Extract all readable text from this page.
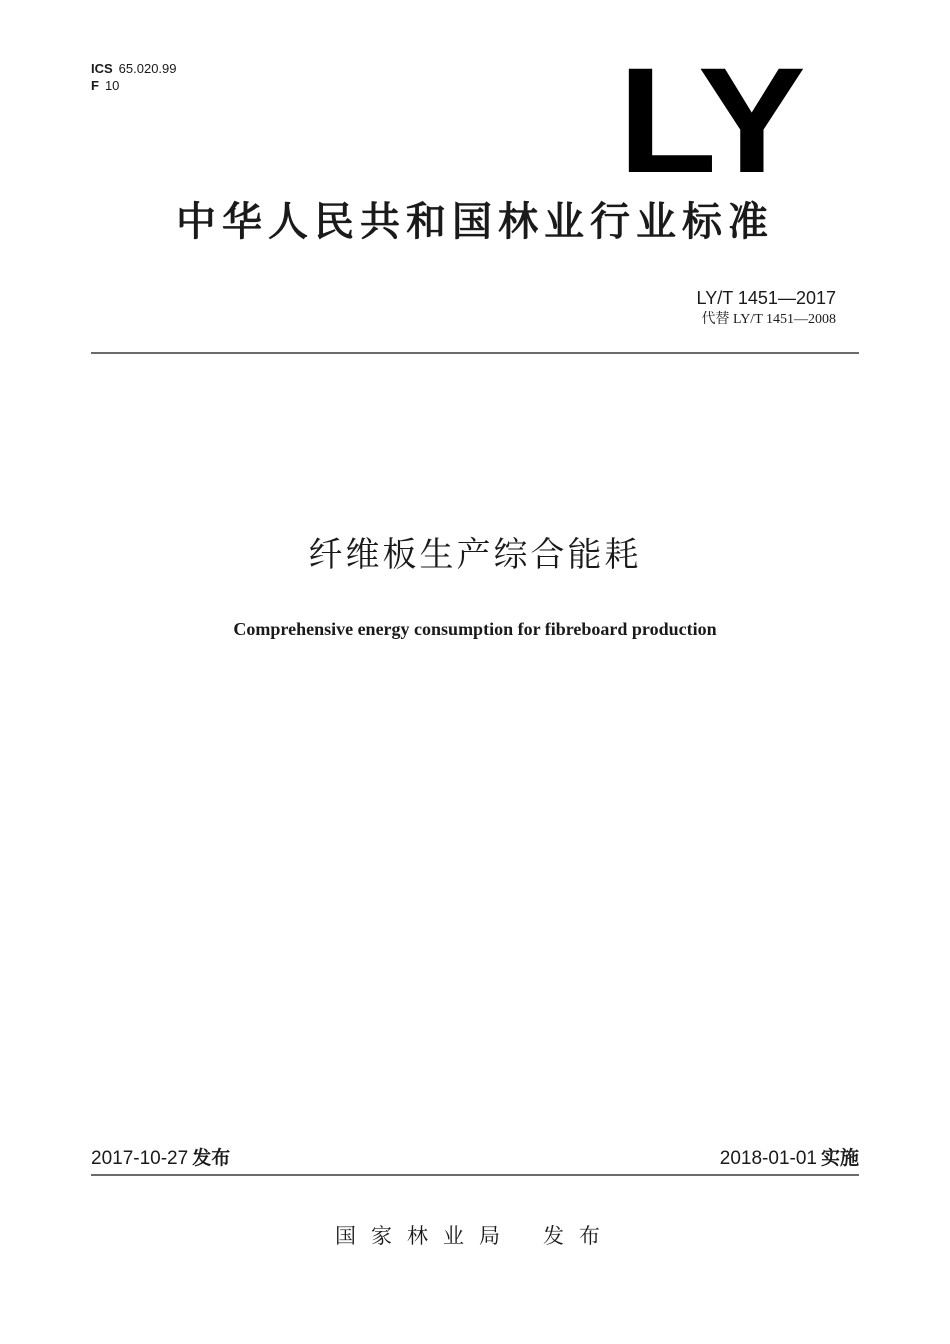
ICS 65.020.99
F 10	LY
中华人民共和国林业行业标准
LY/T 1451—2017
代替 LY/T 1451—2008
纤维板生产综合能耗
Comprehensive energy consumption for fibreboard production
2017-10-27 发布	2018-01-01 实施
国家林业局 发布
